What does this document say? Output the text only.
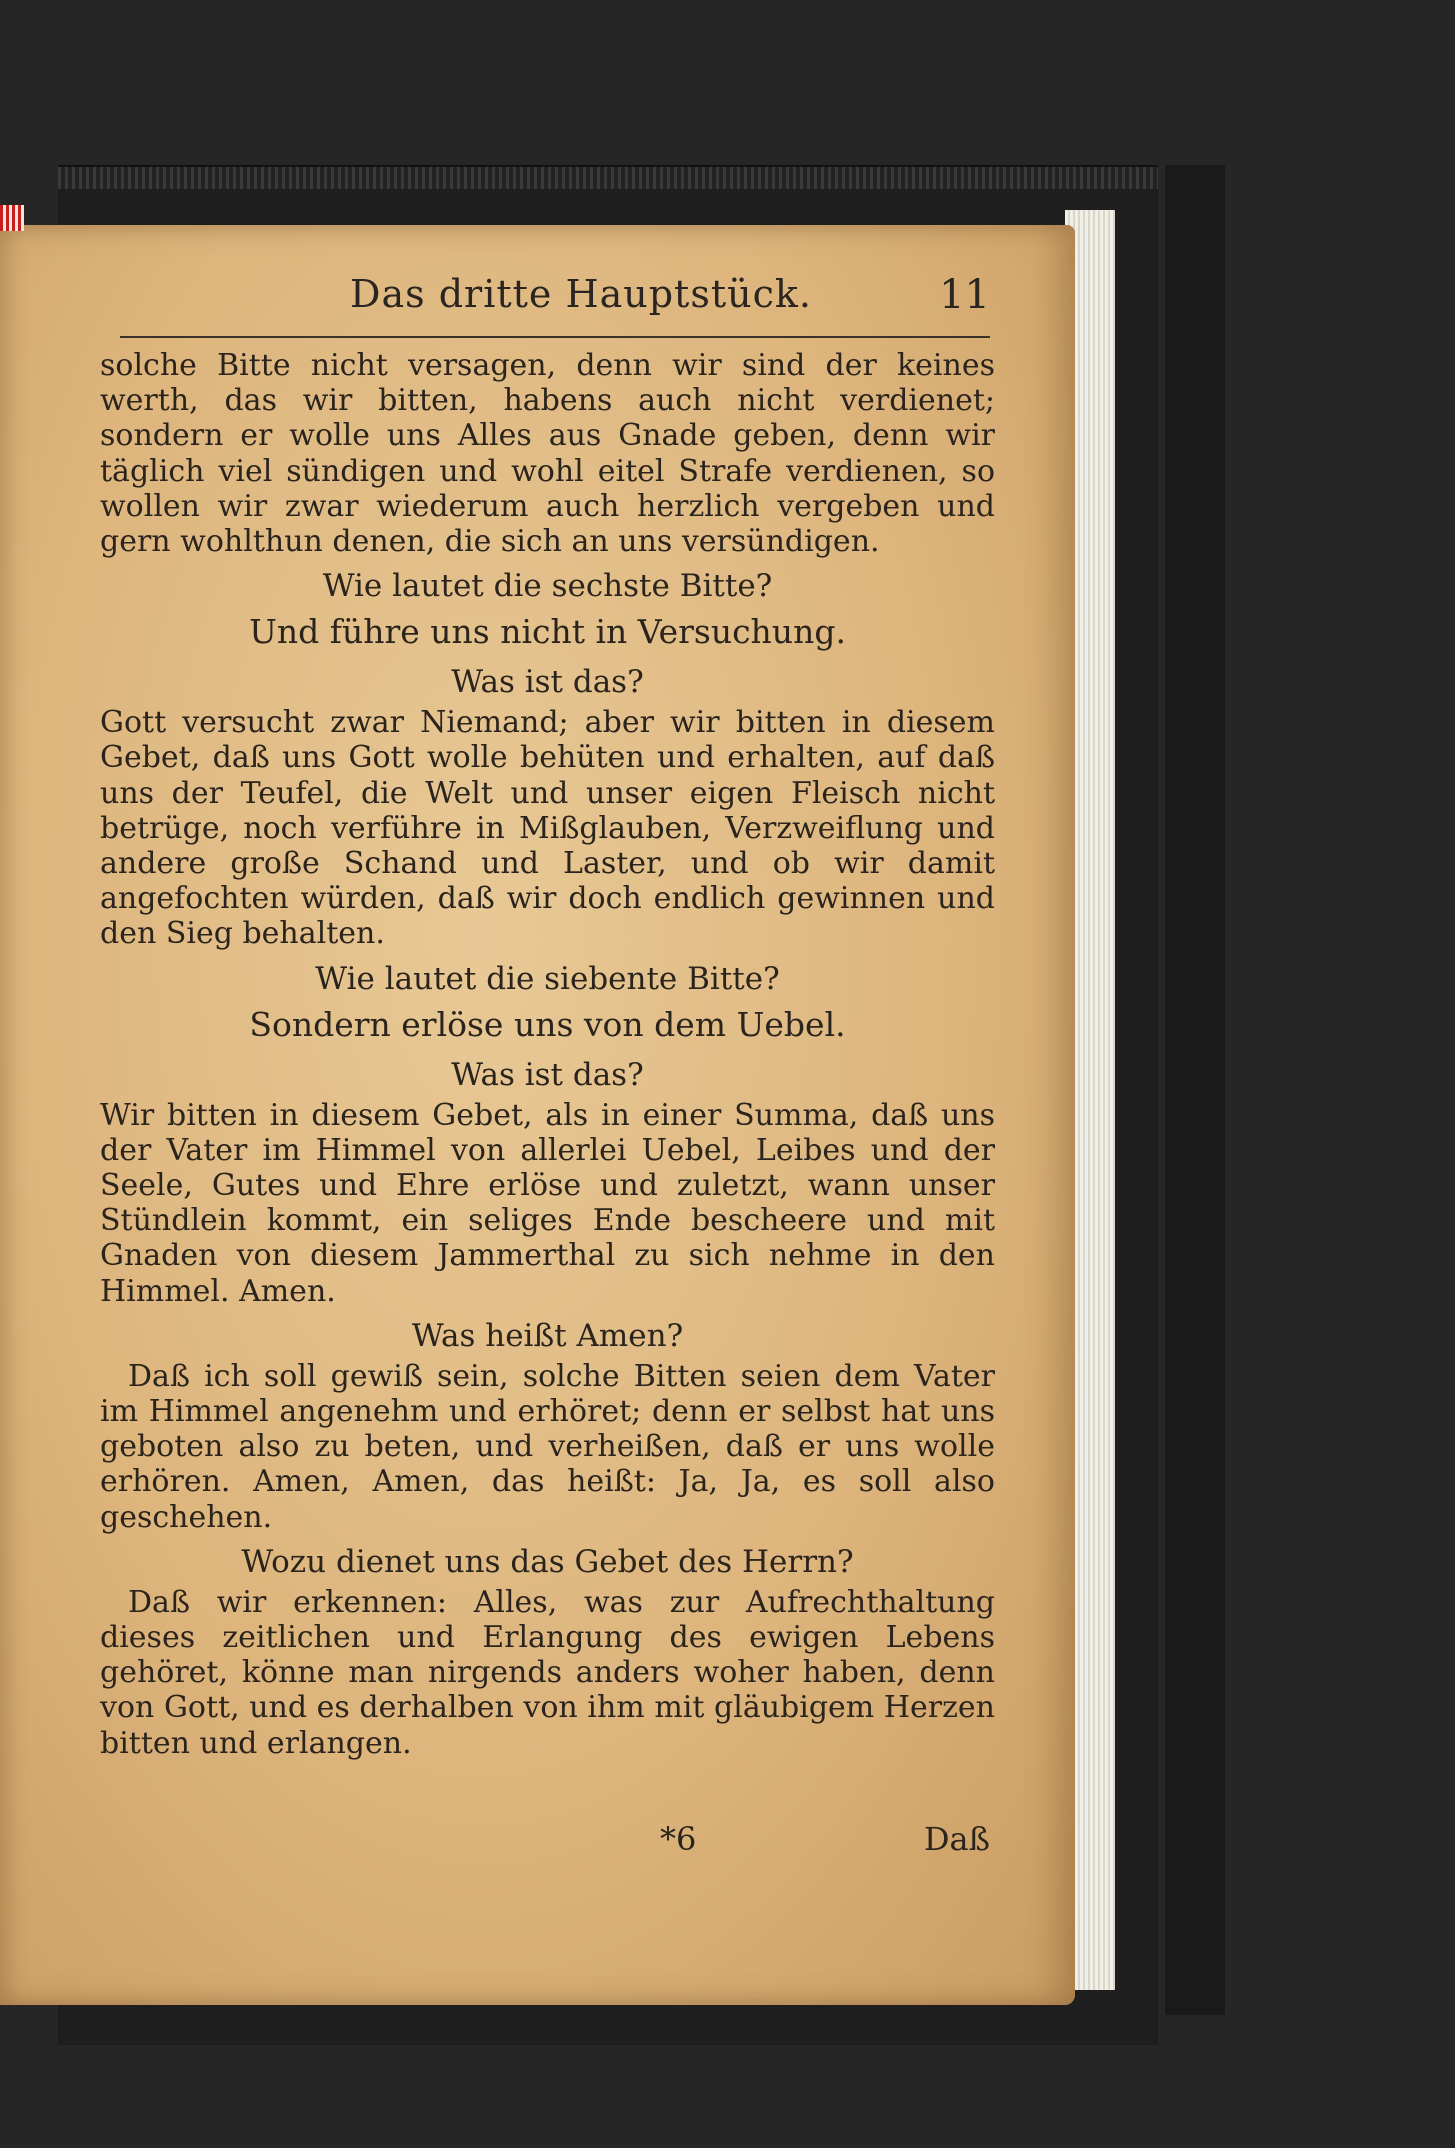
Das dritte Hauptstück.	11

solche Bitte nicht versagen, denn wir sind der keines werth, das wir bitten, habens auch nicht verdienet; sondern er wolle uns Alles aus Gnade geben, denn wir täglich viel sündigen und wohl eitel Strafe verdienen, so wollen wir zwar wiederum auch herzlich vergeben und gern wohlthun denen, die sich an uns versündigen.

Wie lautet die sechste Bitte?

Und führe uns nicht in Versuchung.

Was ist das?

Gott versucht zwar Niemand; aber wir bitten in diesem Gebet, daß uns Gott wolle behüten und erhalten, auf daß uns der Teufel, die Welt und unser eigen Fleisch nicht betrüge, noch verführe in Mißglauben, Verzweiflung und andere große Schand und Laster, und ob wir damit angefochten würden, daß wir doch endlich gewinnen und den Sieg behalten.

Wie lautet die siebente Bitte?

Sondern erlöse uns von dem Uebel.

Was ist das?

Wir bitten in diesem Gebet, als in einer Summa, daß uns der Vater im Himmel von allerlei Uebel, Leibes und der Seele, Gutes und Ehre erlöse und zuletzt, wann unser Stündlein kommt, ein seliges Ende bescheere und mit Gnaden von diesem Jammerthal zu sich nehme in den Himmel. Amen.

Was heißt Amen?

Daß ich soll gewiß sein, solche Bitten seien dem Vater im Himmel angenehm und erhöret; denn er selbst hat uns geboten also zu beten, und verheißen, daß er uns wolle erhören. Amen, Amen, das heißt: Ja, Ja, es soll also geschehen.

Wozu dienet uns das Gebet des Herrn?

Daß wir erkennen: Alles, was zur Aufrechthaltung dieses zeitlichen und Erlangung des ewigen Lebens gehöret, könne man nirgends anders woher haben, denn von Gott, und es derhalben von ihm mit gläubigem Herzen bitten und erlangen.

*6	Daß
